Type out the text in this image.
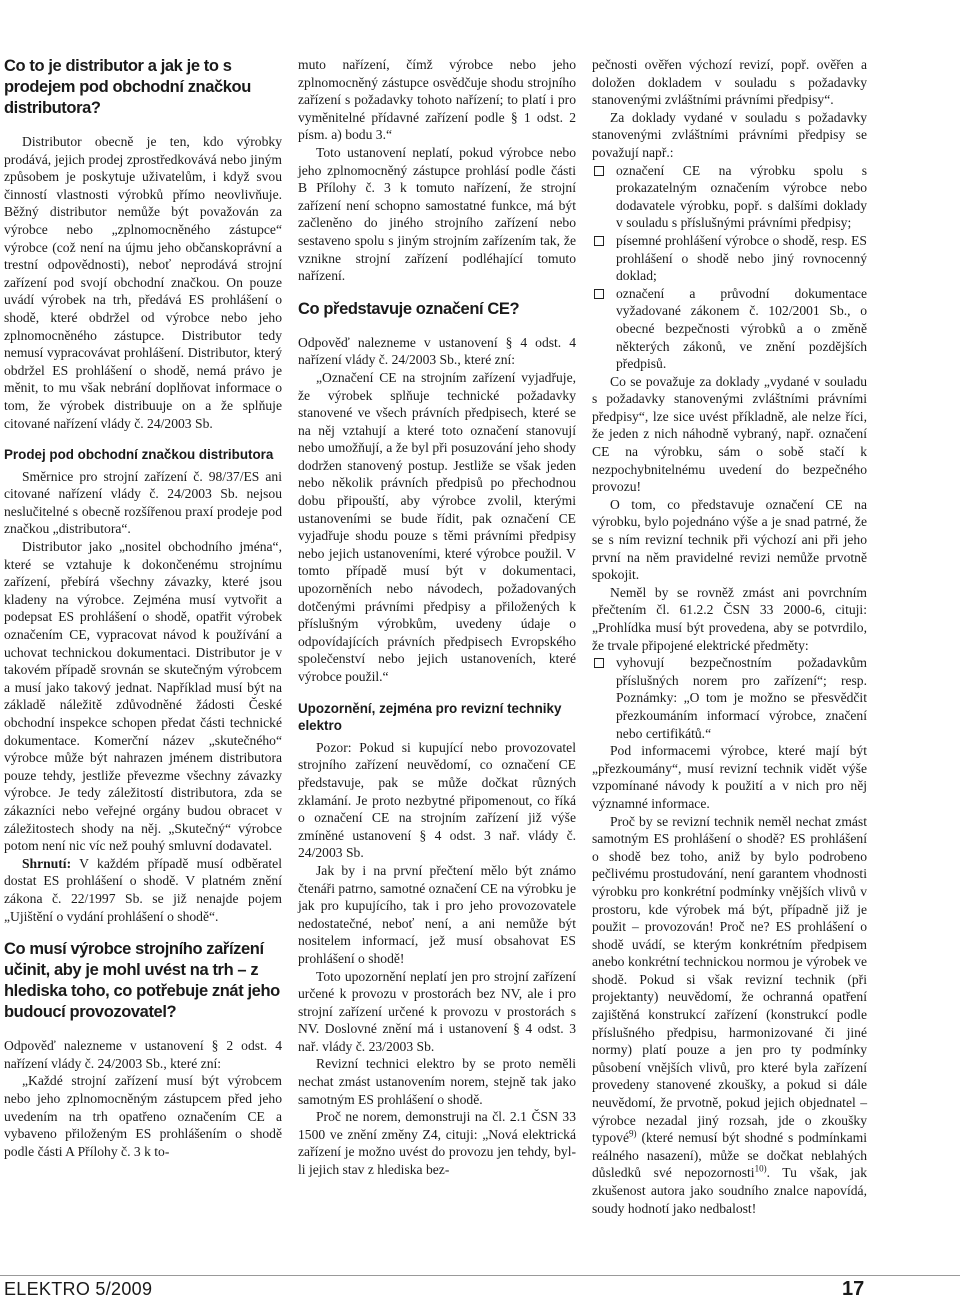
Co to je distributor a jak je to s prodejem pod obchodní značkou distributora?

Distributor obecně je ten, kdo výrobky prodává, jejich prodej zprostředkovává nebo jiným způsobem je poskytuje uživatelům, i když svou činností vlastnosti výrobků přímo neovlivňuje. Běžný distributor nemůže být považován za výrobce nebo „zplnomocněného zástupce“ výrobce (což není na újmu jeho občanskoprávní a trestní odpovědnosti), neboť neprodává strojní zařízení pod svojí obchodní značkou. On pouze uvádí výrobek na trh, předává ES prohlášení o shodě, které obdržel od výrobce nebo jeho zplnomocněného zástupce. Distributor tedy nemusí vypracovávat prohlášení. Distributor, který obdržel ES prohlášení o shodě, nemá právo je měnit, to mu však nebrání doplňovat informace o tom, že výrobek distribuuje on a že splňuje citované nařízení vlády č. 24/2003 Sb.

Prodej pod obchodní značkou distributora

Směrnice pro strojní zařízení č. 98/37/ES ani citované nařízení vlády č. 24/2003 Sb. nejsou neslučitelné s obecně rozšířenou praxí prodeje pod značkou „distributora“.

Distributor jako „nositel obchodního jména“, které se vztahuje k dokončenému strojnímu zařízení, přebírá všechny závazky, které jsou kladeny na výrobce. Zejména musí vytvořit a podepsat ES prohlášení o shodě, opatřit výrobek označením CE, vypracovat návod k používání a uchovat technickou dokumentaci. Distributor je v takovém případě srovnán se skutečným výrobcem a musí jako takový jednat. Například musí být na základě náležitě zdůvodněné žádosti České obchodní inspekce schopen předat části technické dokumentace. Komerční název „skutečného“ výrobce může být nahrazen jménem distributora pouze tehdy, jestliže převezme všechny závazky výrobce. Je tedy záležitostí distributora, zda se zákazníci nebo veřejné orgány budou obracet v záležitostech shody na něj. „Skutečný“ výrobce potom není nic víc než pouhý smluvní dodavatel.

Shrnutí: V každém případě musí odběratel dostat ES prohlášení o shodě. V platném znění zákona č. 22/1997 Sb. se již nenajde pojem „Ujištění o vydání prohlášení o shodě“.

Co musí výrobce strojního zařízení učinit, aby je mohl uvést na trh – z hlediska toho, co potřebuje znát jeho budoucí provozovatel?

Odpověď nalezneme v ustanovení § 2 odst. 4 nařízení vlády č. 24/2003 Sb., které zní:

„Každé strojní zařízení musí být výrobcem nebo jeho zplnomocněným zástupcem před jeho uvedením na trh opatřeno označením CE a vybaveno přiloženým ES prohlášením o shodě podle části A Přílohy č. 3 k to-

muto nařízení, čímž výrobce nebo jeho zplnomocněný zástupce osvědčuje shodu strojního zařízení s požadavky tohoto nařízení; to platí i pro vyměnitelné přídavné zařízení podle § 1 odst. 2 písm. a) bodu 3.“

Toto ustanovení neplatí, pokud výrobce nebo jeho zplnomocněný zástupce prohlásí podle části B Přílohy č. 3 k tomuto nařízení, že strojní zařízení není schopno samostatné funkce, má být začleněno do jiného strojního zařízení nebo sestaveno spolu s jiným strojním zařízením tak, že vznikne strojní zařízení podléhající tomuto nařízení.

Co představuje označení CE?

Odpověď nalezneme v ustanovení § 4 odst. 4 nařízení vlády č. 24/2003 Sb., které zní:

„Označení CE na strojním zařízení vyjadřuje, že výrobek splňuje technické požadavky stanovené ve všech právních předpisech, které se na něj vztahují a které toto označení stanovují nebo umožňují, a že byl při posuzování jeho shody dodržen stanovený postup. Jestliže se však jeden nebo několik právních předpisů po přechodnou dobu připouští, aby výrobce zvolil, kterými ustanoveními se bude řídit, pak označení CE vyjadřuje shodu pouze s těmi právními předpisy nebo jejich ustanoveními, které výrobce použil. V tomto případě musí být v dokumentaci, upozorněních nebo návodech, požadovaných dotčenými právními předpisy a přiložených k příslušným výrobkům, uvedeny údaje o odpovídajících právních předpisech Evropského společenství nebo jejich ustanoveních, které výrobce použil.“

Upozornění, zejména pro revizní techniky elektro

Pozor: Pokud si kupující nebo provozovatel strojního zařízení neuvědomí, co označení CE představuje, pak se může dočkat různých zklamání. Je proto nezbytné připomenout, co říká o označení CE na strojním zařízení již výše zmíněné ustanovení § 4 odst. 3 nař. vlády č. 24/2003 Sb.

Jak by i na první přečtení mělo být známo čtenáři patrno, samotné označení CE na výrobku je jak pro kupujícího, tak i pro jeho provozovatele nedostatečné, neboť není, a ani nemůže být nositelem informací, jež musí obsahovat ES prohlášení o shodě!

Toto upozornění neplatí jen pro strojní zařízení určené k provozu v prostorách bez NV, ale i pro strojní zařízení určené k provozu v prostorách s NV. Doslovné znění má i ustanovení § 4 odst. 3 nař. vlády č. 23/2003 Sb.

Revizní technici elektro by se proto neměli nechat zmást ustanovením norem, stejně tak jako samotným ES prohlášení o shodě.

Proč ne norem, demonstruji na čl. 2.1 ČSN 33 1500 ve znění změny Z4, cituji: „Nová elektrická zařízení je možno uvést do provozu jen tehdy, byl-li jejich stav z hlediska bez-

pečnosti ověřen výchozí revizí, popř. ověřen a doložen dokladem v souladu s požadavky stanovenými zvláštními právními předpisy“.

Za doklady vydané v souladu s požadavky stanovenými zvláštními právními předpisy se považují např.:

označení CE na výrobku spolu s prokazatelným označením výrobce nebo dodavatele výrobku, popř. s dalšími doklady v souladu s příslušnými právními předpisy;
písemné prohlášení výrobce o shodě, resp. ES prohlášení o shodě nebo jiný rovnocenný doklad;
označení a průvodní dokumentace vyžadované zákonem č. 102/2001 Sb., o obecné bezpečnosti výrobků a o změně některých zákonů, ve znění pozdějších předpisů.

Co se považuje za doklady „vydané v souladu s požadavky stanovenými zvláštními právními předpisy“, lze sice uvést příkladně, ale nelze říci, že jeden z nich náhodně vybraný, např. označení CE na výrobku, sám o sobě stačí k nezpochybnitelnému uvedení do bezpečného provozu!

O tom, co představuje označení CE na výrobku, bylo pojednáno výše a je snad patrné, že se s ním revizní technik při výchozí ani při jeho první na něm pravidelné revizi nemůže prvotně spokojit.

Neměl by se rovněž zmást ani povrchním přečtením čl. 61.2.2 ČSN 33 2000-6, cituji: „Prohlídka musí být provedena, aby se potvrdilo, že trvale připojené elektrické předměty:

vyhovují bezpečnostním požadavkům příslušných norem pro zařízení“; resp. Poznámky: „O tom je možno se přesvědčit přezkoumáním informací výrobce, značení nebo certifikátů.“

Pod informacemi výrobce, které mají být „přezkoumány“, musí revizní technik vidět výše vzpomínané návody k použití a v nich pro něj významné informace.

Proč by se revizní technik neměl nechat zmást samotným ES prohlášení o shodě? ES prohlášení o shodě bez toho, aniž by bylo podrobeno pečlivému prostudování, není garantem vhodnosti výrobku pro konkrétní podmínky vnějších vlivů v prostoru, kde výrobek má být, případně již je použit – provozován! Proč ne? ES prohlášení o shodě uvádí, se kterým konkrétním předpisem anebo konkrétní technickou normou je výrobek ve shodě. Pokud si však revizní technik (při projektanty) neuvědomí, že ochranná opatření zajištěná konstrukcí zařízení (konstrukcí podle příslušného předpisu, harmonizované či jiné normy) platí pouze a jen pro ty podmínky působení vnějších vlivů, pro které byla zařízení provedeny stanovené zkoušky, a pokud si dále neuvědomí, že prvotně, pokud jejich objednatel – výrobce nezadal jiný rozsah, jde o zkoušky typové$^{9)}$ (které nemusí být shodné s podmínkami reálného nasazení), může se dočkat neblahých důsledků své nepozornosti$^{10)}$. Tu však, jak zkušenost autora jako soudního znalce napovídá, soudy hodnotí jako nedbalost!

ELEKTRO 5/2009	17
